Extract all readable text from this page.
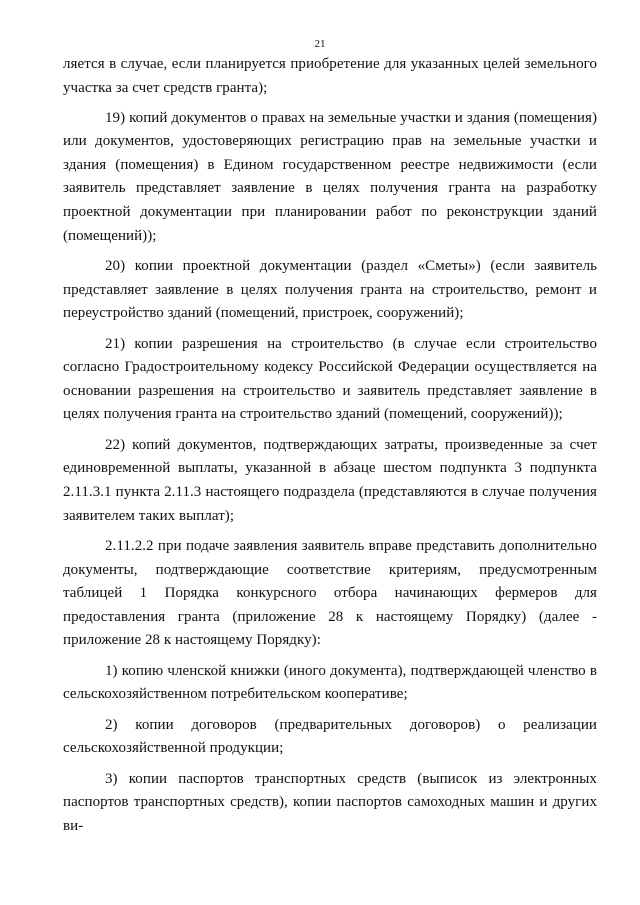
21

ляется в случае, если планируется приобретение для указанных целей земельного участка за счет средств гранта);

19) копий документов о правах на земельные участки и здания (помещения) или документов, удостоверяющих регистрацию прав на земельные участки и здания (помещения) в Едином государственном реестре недвижимости (если заявитель представляет заявление в целях получения гранта на разработку проектной документации при планировании работ по реконструкции зданий (помещений));

20) копии проектной документации (раздел «Сметы») (если заявитель представляет заявление в целях получения гранта на строительство, ремонт и переустройство зданий (помещений, пристроек, сооружений);

21) копии разрешения на строительство (в случае если строительство согласно Градостроительному кодексу Российской Федерации осуществляется на основании разрешения на строительство и заявитель представляет заявление в целях получения гранта на строительство зданий (помещений, сооружений));

22) копий документов, подтверждающих затраты, произведенные за счет единовременной выплаты, указанной в абзаце шестом подпункта 3 подпункта 2.11.3.1 пункта 2.11.3 настоящего подраздела (представляются в случае получения заявителем таких выплат);

2.11.2.2 при подаче заявления заявитель вправе представить дополнительно документы, подтверждающие соответствие критериям, предусмотренным таблицей 1 Порядка конкурсного отбора начинающих фермеров для предоставления гранта (приложение 28 к настоящему Порядку) (далее - приложение 28 к настоящему Порядку):

1) копию членской книжки (иного документа), подтверждающей членство в сельскохозяйственном потребительском кооперативе;

2) копии договоров (предварительных договоров) о реализации сельскохозяйственной продукции;

3) копии паспортов транспортных средств (выписок из электронных паспортов транспортных средств), копии паспортов самоходных машин и других ви-
